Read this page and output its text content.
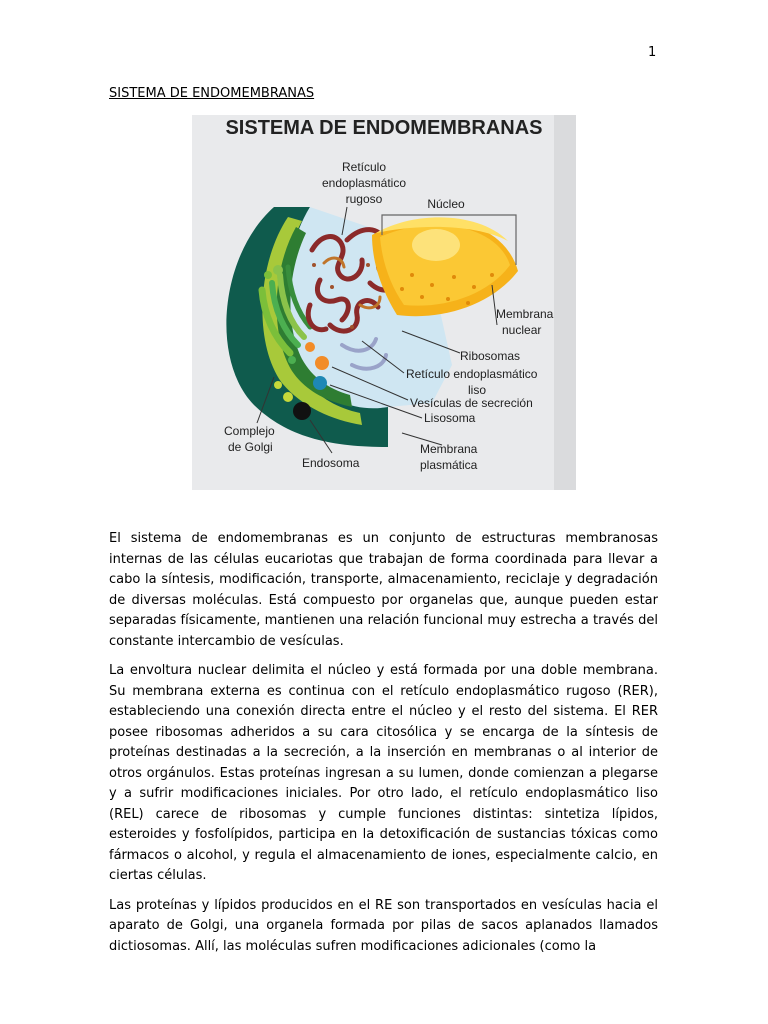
1
SISTEMA DE ENDOMEMBRANAS
SISTEMA DE ENDOMEMBRANAS
Retículo
endoplasmático
rugoso	Núcleo
Membrana
nuclear
Ribosomas
Retículo endoplasmático
liso
Vesículas de secreción
Lisosoma
Complejo
de Golgi
Endosoma
Membrana
plasmática

El sistema de endomembranas es un conjunto de estructuras membranosas internas de las células eucariotas que trabajan de forma coordinada para llevar a cabo la síntesis, modificación, transporte, almacenamiento, reciclaje y degradación de diversas moléculas. Está compuesto por organelas que, aunque pueden estar separadas físicamente, mantienen una relación funcional muy estrecha a través del constante intercambio de vesículas.

La envoltura nuclear delimita el núcleo y está formada por una doble membrana. Su membrana externa es continua con el retículo endoplasmático rugoso (RER), estableciendo una conexión directa entre el núcleo y el resto del sistema. El RER posee ribosomas adheridos a su cara citosólica y se encarga de la síntesis de proteínas destinadas a la secreción, a la inserción en membranas o al interior de otros orgánulos. Estas proteínas ingresan a su lumen, donde comienzan a plegarse y a sufrir modificaciones iniciales. Por otro lado, el retículo endoplasmático liso (REL) carece de ribosomas y cumple funciones distintas: sintetiza lípidos, esteroides y fosfolípidos, participa en la detoxificación de sustancias tóxicas como fármacos o alcohol, y regula el almacenamiento de iones, especialmente calcio, en ciertas células.

Las proteínas y lípidos producidos en el RE son transportados en vesículas hacia el aparato de Golgi, una organela formada por pilas de sacos aplanados llamados dictiosomas. Allí, las moléculas sufren modificaciones adicionales (como la
